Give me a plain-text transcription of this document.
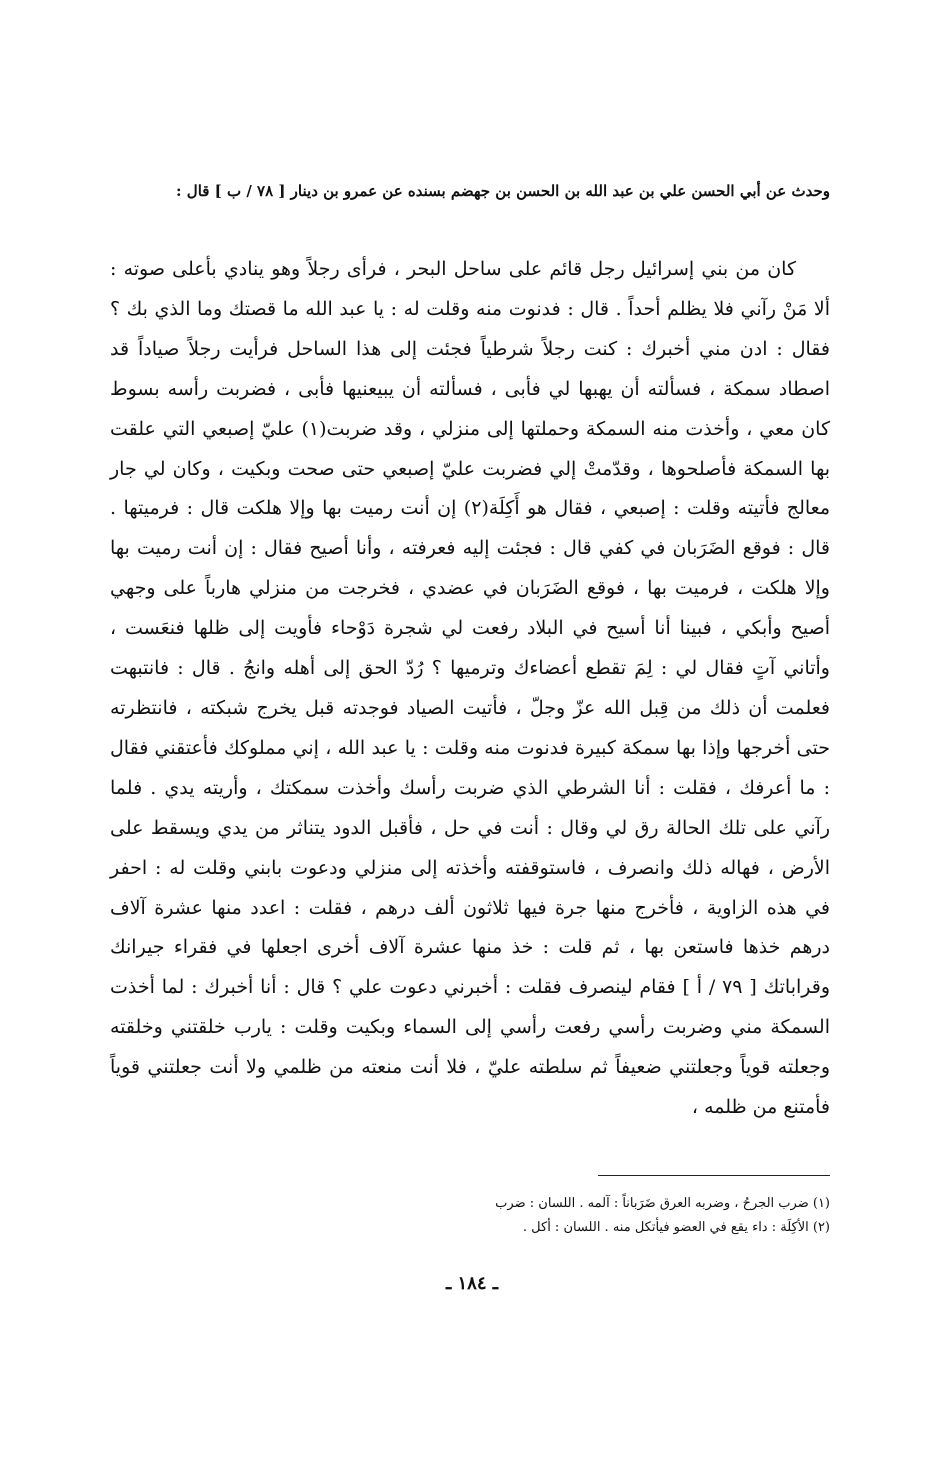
وحدث عن أبي الحسن علي بن عبد الله بن الحسن بن جهضم بسنده عن عمرو بن دينار [ ٧٨ / ب ] قال :

كان من بني إسرائيل رجل قائم على ساحل البحر ، فرأى رجلاً وهو ينادي بأعلى صوته : ألا مَنْ رآني فلا يظلم أحداً . قال : فدنوت منه وقلت له : يا عبد الله ما قصتك وما الذي بك ؟ فقال : ادن مني أخبرك : كنت رجلاً شرطياً فجئت إلى هذا الساحل فرأيت رجلاً صياداً قد اصطاد سمكة ، فسألته أن يهبها لي فأبى ، فسألته أن يبيعنيها فأبى ، فضربت رأسه بسوط كان معي ، وأخذت منه السمكة وحملتها إلى منزلي ، وقد ضربت(١) عليّ إصبعي التي علقت بها السمكة فأصلحوها ، وقدّمتْ إلي فضربت عليّ إصبعي حتى صحت وبكيت ، وكان لي جار معالج فأتيته وقلت : إصبعي ، فقال هو أَكِلَة(٢) إن أنت رميت بها وإلا هلكت قال : فرميتها . قال : فوقع الضَرَبان في كفي قال : فجئت إليه فعرفته ، وأنا أصيح فقال : إن أنت رميت بها وإلا هلكت ، فرميت بها ، فوقع الضَرَبان في عضدي ، فخرجت من منزلي هارباً على وجهي أصيح وأبكي ، فبينا أنا أسيح في البلاد رفعت لي شجرة دَوْحاء فأويت إلى ظلها فنعَست ، وأتاني آتٍ فقال لي : لِمَ تقطع أعضاءك وترميها ؟ رُدّ الحق إلى أهله وانجُ . قال : فانتبهت فعلمت أن ذلك من قِبل الله عزّ وجلّ ، فأتيت الصياد فوجدته قبل يخرج شبكته ، فانتظرته حتى أخرجها وإذا بها سمكة كبيرة فدنوت منه وقلت : يا عبد الله ، إني مملوكك فأعتقني فقال : ما أعرفك ، فقلت : أنا الشرطي الذي ضربت رأسك وأخذت سمكتك ، وأريته يدي . فلما رآني على تلك الحالة رق لي وقال : أنت في حل ، فأقبل الدود يتناثر من يدي ويسقط على الأرض ، فهاله ذلك وانصرف ، فاستوقفته وأخذته إلى منزلي ودعوت بابني وقلت له : احفر في هذه الزاوية ، فأخرج منها جرة فيها ثلاثون ألف درهم ، فقلت : اعدد منها عشرة آلاف درهم خذها فاستعن بها ، ثم قلت : خذ منها عشرة آلاف أخرى اجعلها في فقراء جيرانك وقراباتك [ ٧٩ / أ ] فقام لينصرف فقلت : أخبرني دعوت علي ؟ قال : أنا أخبرك : لما أخذت السمكة مني وضربت رأسي رفعت رأسي إلى السماء وبكيت وقلت : يارب خلقتني وخلقته وجعلته قوياً وجعلتني ضعيفاً ثم سلطته عليّ ، فلا أنت منعته من ظلمي ولا أنت جعلتني قوياً فأمتنع من ظلمه ،

(١) ضرب الجرحُ ، وضربه العرق ضَرَباناً : آلمه . اللسان : ضرب
(٢) الأكِلَة : داء يقع في العضو فيأتكل منه . اللسان : أكل .
ـ ١٨٤ ـ
